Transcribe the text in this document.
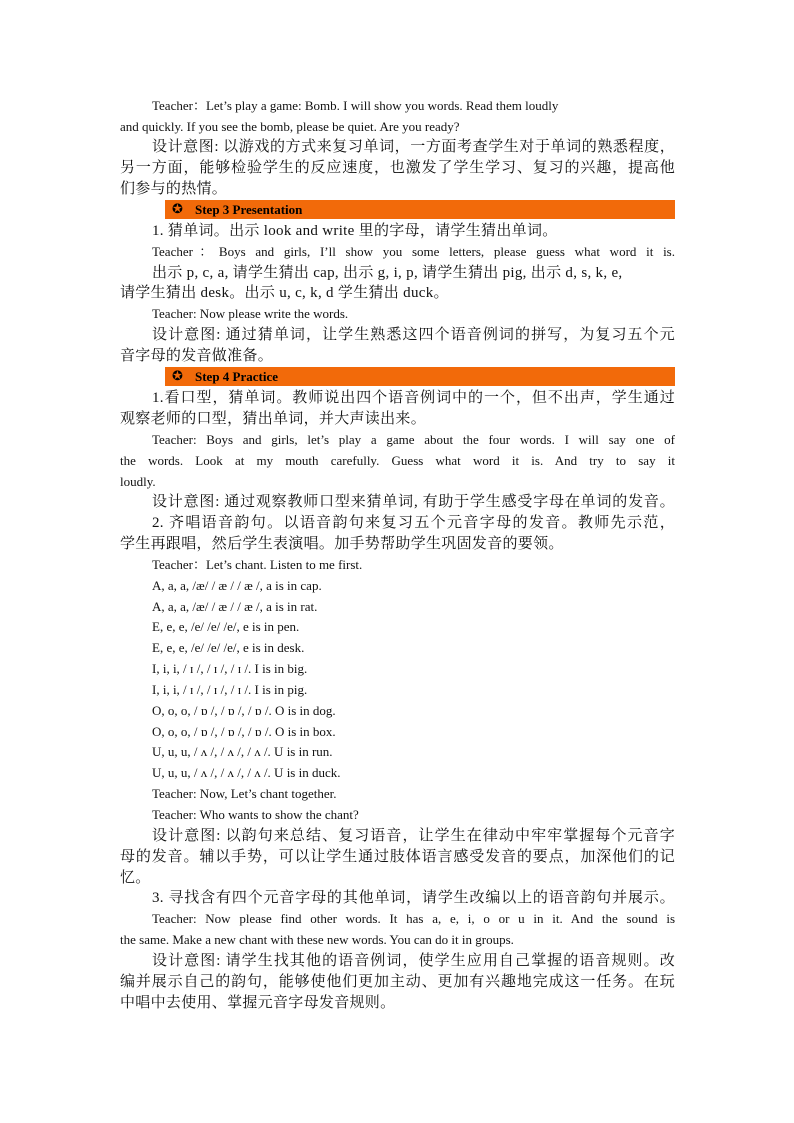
Teacher：Let’s play a game: Bomb. I will show you words. Read them loudly
and quickly. If you see the bomb, please be quiet. Are you ready?
设计意图: 以游戏的方式来复习单词，一方面考查学生对于单词的熟悉程度，
另一方面，能够检验学生的反应速度，也激发了学生学习、复习的兴趣，提高他
们参与的热情。
✪ Step 3 Presentation
1. 猜单词。出示 look and write 里的字母，请学生猜出单词。
Teacher：Boys and girls, I’ll show you some letters, please guess what word it is.
出示 p, c, a, 请学生猜出 cap, 出示 g, i, p, 请学生猜出 pig, 出示 d, s, k, e,
请学生猜出 desk。出示 u, c, k, d 学生猜出 duck。
Teacher: Now please write the words.
设计意图: 通过猜单词，让学生熟悉这四个语音例词的拼写，为复习五个元
音字母的发音做准备。
✪ Step 4 Practice
1.看口型，猜单词。教师说出四个语音例词中的一个，但不出声，学生通过
观察老师的口型，猜出单词，并大声读出来。
Teacher: Boys and girls, let’s play a game about the four words. I will say one of
the words. Look at my mouth carefully. Guess what word it is. And try to say it
loudly.
设计意图: 通过观察教师口型来猜单词, 有助于学生感受字母在单词的发音。
2. 齐唱语音韵句。以语音韵句来复习五个元音字母的发音。教师先示范，
学生再跟唱，然后学生表演唱。加手势帮助学生巩固发音的要领。
Teacher：Let’s chant. Listen to me first.
A, a, a, /æ/ / æ / / æ /, a is in cap.
A, a, a, /æ/ / æ / / æ /, a is in rat.
E, e, e, /e/ /e/ /e/, e is in pen.
E, e, e, /e/ /e/ /e/, e is in desk.
I, i, i, / ɪ /, / ɪ /, / ɪ /. I is in big.
I, i, i, / ɪ /, / ɪ /, / ɪ /. I is in pig.
O, o, o, / ɒ /, / ɒ /, / ɒ /. O is in dog.
O, o, o, / ɒ /, / ɒ /, / ɒ /. O is in box.
U, u, u, / ʌ /, / ʌ /, / ʌ /. U is in run.
U, u, u, / ʌ /, / ʌ /, / ʌ /. U is in duck.
Teacher: Now, Let’s chant together.
Teacher: Who wants to show the chant?
设计意图: 以韵句来总结、复习语音，让学生在律动中牢牢掌握每个元音字
母的发音。辅以手势，可以让学生通过肢体语言感受发音的要点，加深他们的记
忆。
3. 寻找含有四个元音字母的其他单词，请学生改编以上的语音韵句并展示。
Teacher: Now please find other words. It has a, e, i, o or u in it. And the sound is
the same. Make a new chant with these new words. You can do it in groups.
设计意图: 请学生找其他的语音例词，使学生应用自己掌握的语音规则。改
编并展示自己的韵句，能够使他们更加主动、更加有兴趣地完成这一任务。在玩
中唱中去使用、掌握元音字母发音规则。
